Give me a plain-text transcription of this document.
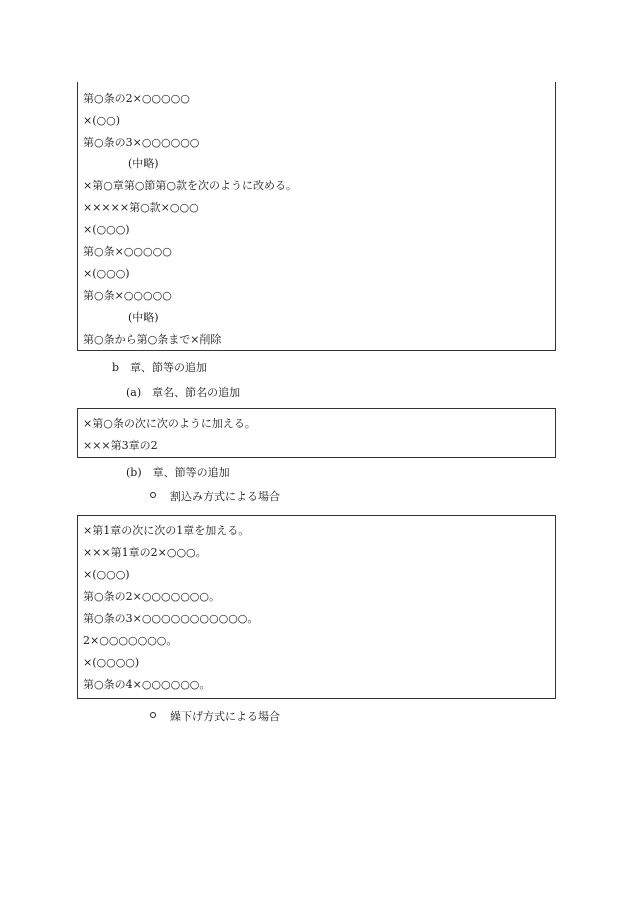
第○条の2×○○○○○
×(○○)
第○条の3×○○○○○○
(中略)
×第○章第○節第○款を次のように改める。
×××××第○款×○○○
×(○○○)
第○条×○○○○○
×(○○○)
第○条×○○○○○
(中略)
第○条から第○条まで×削除
b　章、節等の追加
(a)　章名、節名の追加
×第○条の次に次のように加える。
×××第3章の2
(b)　章、節等の追加
割込み方式による場合
×第1章の次に次の1章を加える。
×××第1章の2×○○○。
×(○○○)
第○条の2×○○○○○○○。
第○条の3×○○○○○○○○○○○。
2×○○○○○○○。
×(○○○○)
第○条の4×○○○○○○。
繰下げ方式による場合
